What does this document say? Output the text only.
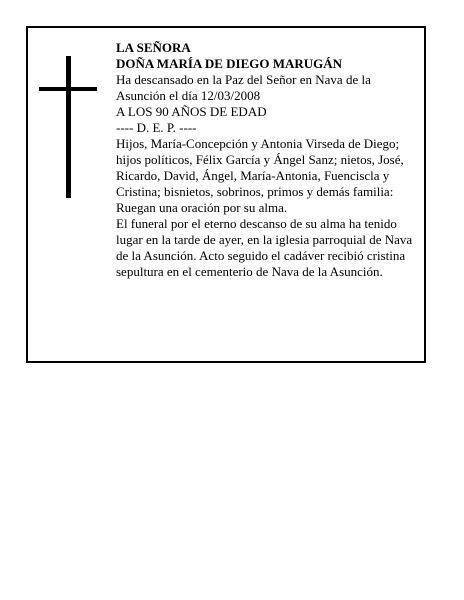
LA SEÑORA

DOÑA MARÍA DE DIEGO MARUGÁN

Ha descansado en la Paz del Señor en Nava de la Asunción el día 12/03/2008

A LOS 90 AÑOS DE EDAD

---- D. E. P. ----

Hijos, María-Concepción y Antonia Virseda de Diego; hijos políticos, Félix García y Ángel Sanz; nietos, José, Ricardo, David, Ángel, María-Antonia, Fuenciscla y Cristina; bisnietos, sobrinos, primos y demás familia:

Ruegan una oración por su alma.

El funeral por el eterno descanso de su alma ha tenido lugar en la tarde de ayer, en la iglesia parroquial de Nava de la Asunción. Acto seguido el cadáver recibió cristina sepultura en el cementerio de Nava de la Asunción.
